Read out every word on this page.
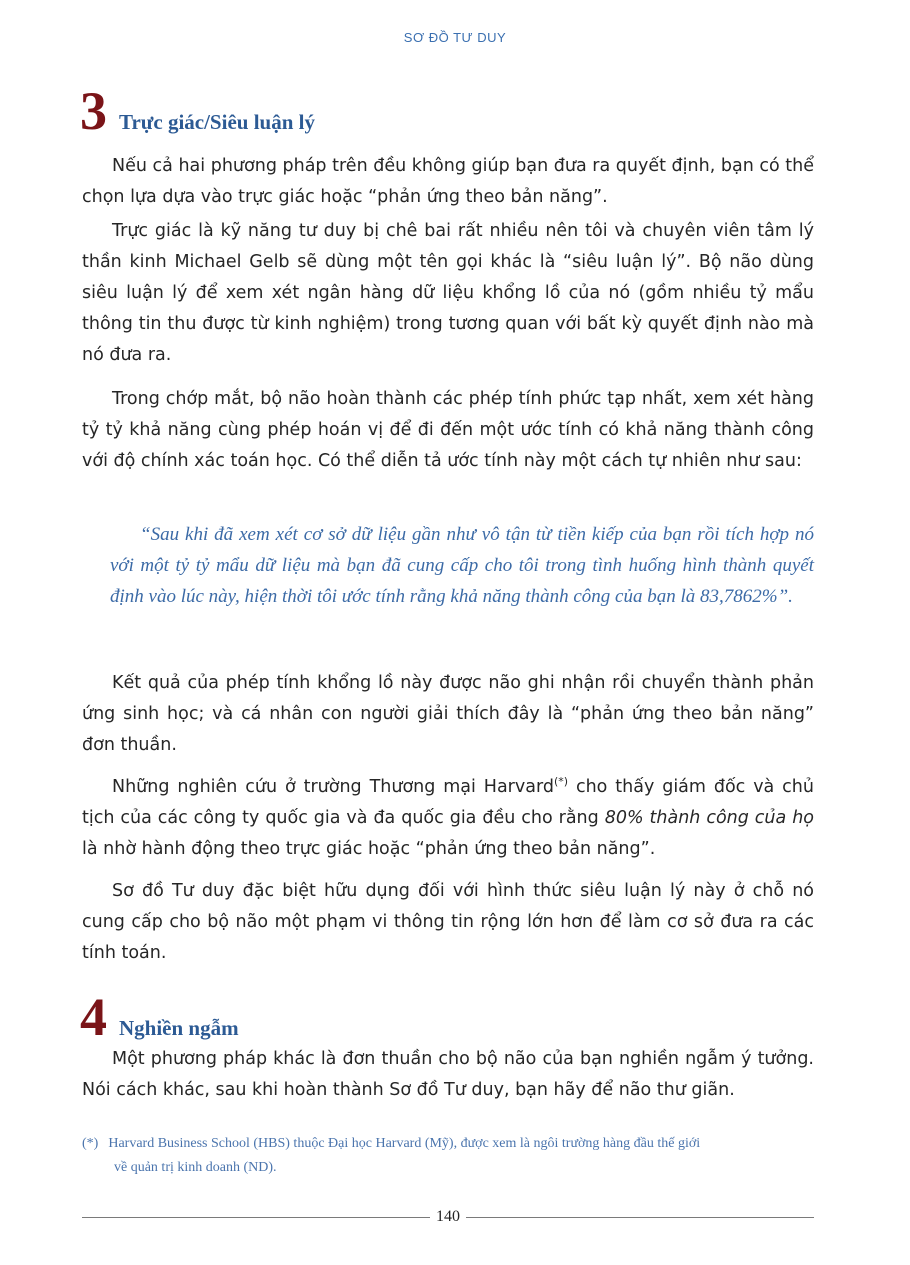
SƠ ĐỒ TƯ DUY
3 Trực giác/Siêu luận lý

Nếu cả hai phương pháp trên đều không giúp bạn đưa ra quyết định, bạn có thể chọn lựa dựa vào trực giác hoặc “phản ứng theo bản năng”.

Trực giác là kỹ năng tư duy bị chê bai rất nhiều nên tôi và chuyên viên tâm lý thần kinh Michael Gelb sẽ dùng một tên gọi khác là “siêu luận lý”. Bộ não dùng siêu luận lý để xem xét ngân hàng dữ liệu khổng lồ của nó (gồm nhiều tỷ mẩu thông tin thu được từ kinh nghiệm) trong tương quan với bất kỳ quyết định nào mà nó đưa ra.

Trong chớp mắt, bộ não hoàn thành các phép tính phức tạp nhất, xem xét hàng tỷ tỷ khả năng cùng phép hoán vị để đi đến một ước tính có khả năng thành công với độ chính xác toán học. Có thể diễn tả ước tính này một cách tự nhiên như sau:

“Sau khi đã xem xét cơ sở dữ liệu gần như vô tận từ tiền kiếp của bạn rồi tích hợp nó với một tỷ tỷ mẩu dữ liệu mà bạn đã cung cấp cho tôi trong tình huống hình thành quyết định vào lúc này, hiện thời tôi ước tính rằng khả năng thành công của bạn là 83,7862%”.

Kết quả của phép tính khổng lồ này được não ghi nhận rồi chuyển thành phản ứng sinh học; và cá nhân con người giải thích đây là “phản ứng theo bản năng” đơn thuần.

Những nghiên cứu ở trường Thương mại Harvard(*) cho thấy giám đốc và chủ tịch của các công ty quốc gia và đa quốc gia đều cho rằng 80% thành công của họ là nhờ hành động theo trực giác hoặc “phản ứng theo bản năng”.

Sơ đồ Tư duy đặc biệt hữu dụng đối với hình thức siêu luận lý này ở chỗ nó cung cấp cho bộ não một phạm vi thông tin rộng lớn hơn để làm cơ sở đưa ra các tính toán.

4 Nghiền ngẫm

Một phương pháp khác là đơn thuần cho bộ não của bạn nghiền ngẫm ý tưởng. Nói cách khác, sau khi hoàn thành Sơ đồ Tư duy, bạn hãy để não thư giãn.

(*) Harvard Business School (HBS) thuộc Đại học Harvard (Mỹ), được xem là ngôi trường hàng đầu thế giới
về quản trị kinh doanh (ND).
140
